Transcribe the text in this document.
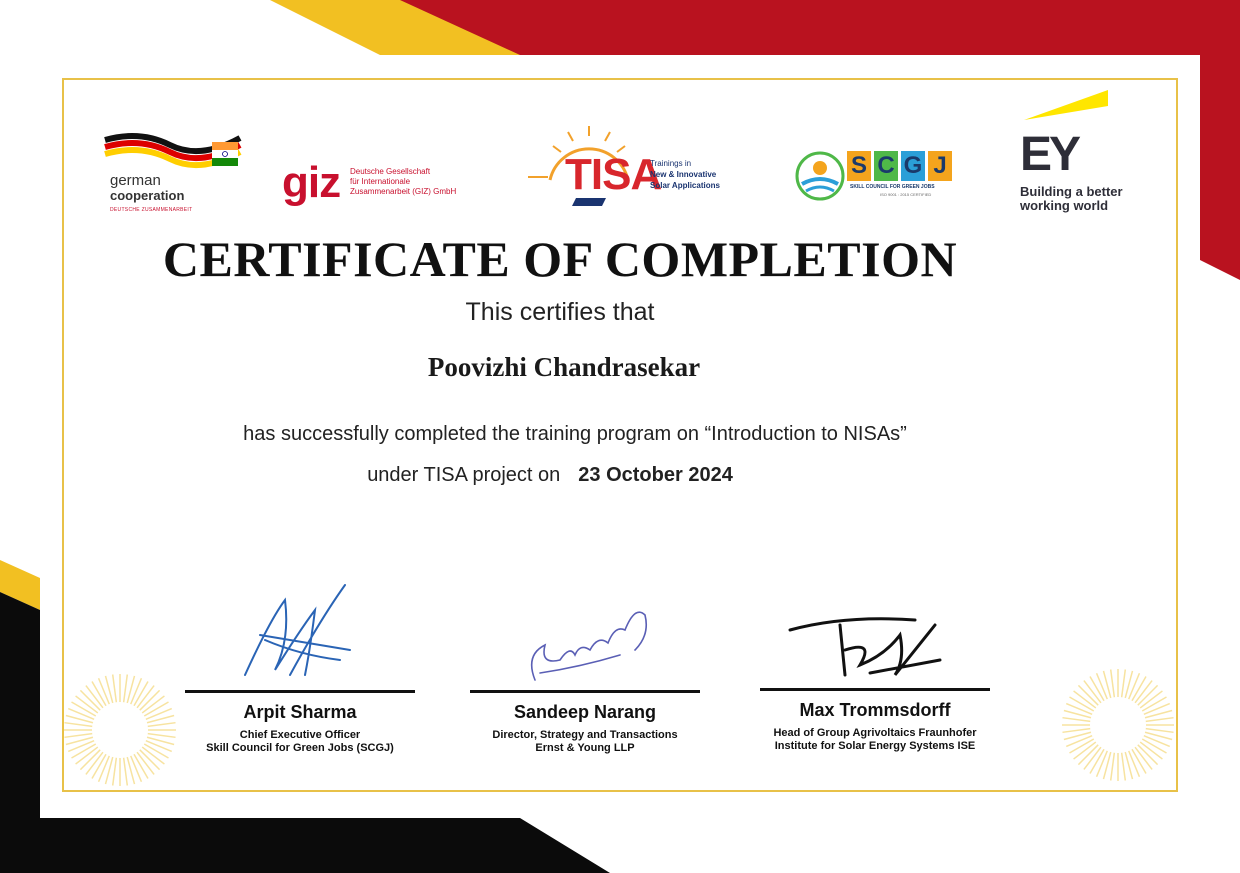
german
cooperation
DEUTSCHE ZUSAMMENARBEIT
giz Deutsche Gesellschaft
für Internationale
Zusammenarbeit (GIZ) GmbH TISA
Trainings in
New & Innovative
Solar Applications
S C G J
SKILL COUNCIL FOR GREEN JOBS
ISO 9001 : 2015 CERTIFIED
EY
Building a better
working world
CERTIFICATE OF COMPLETION
This certifies that
Poovizhi Chandrasekar
has successfully completed the training program on “Introduction to NISAs”
under TISA project on 23 October 2024
Arpit Sharma
Chief Executive Officer
Skill Council for Green Jobs (SCGJ)
Sandeep Narang
Director, Strategy and Transactions
Ernst & Young LLP
Max Trommsdorff
Head of Group Agrivoltaics Fraunhofer
Institute for Solar Energy Systems ISE
